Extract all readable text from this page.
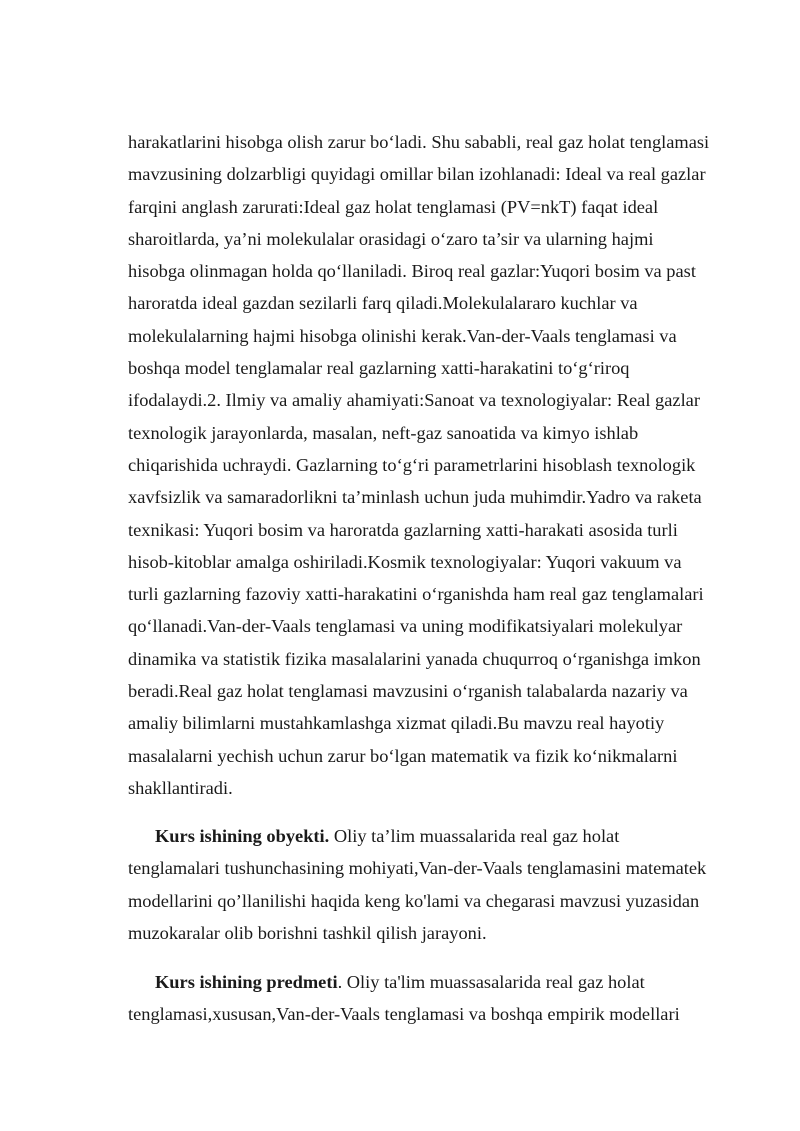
harakatlarini hisobga olish zarur bo‘ladi. Shu sababli, real gaz holat tenglamasi
mavzusining dolzarbligi quyidagi omillar bilan izohlanadi: Ideal va real gazlar
farqini anglash zarurati:Ideal gaz holat tenglamasi (PV=nkT) faqat ideal
sharoitlarda, ya’ni molekulalar orasidagi o‘zaro ta’sir va ularning hajmi
hisobga olinmagan holda qo‘llaniladi. Biroq real gazlar:Yuqori bosim va past
haroratda ideal gazdan sezilarli farq qiladi.Molekulalararo kuchlar va
molekulalarning hajmi hisobga olinishi kerak.Van-der-Vaals tenglamasi va
boshqa model tenglamalar real gazlarning xatti-harakatini to‘g‘riroq
ifodalaydi.2. Ilmiy va amaliy ahamiyati:Sanoat va texnologiyalar: Real gazlar
texnologik jarayonlarda, masalan, neft-gaz sanoatida va kimyo ishlab
chiqarishida uchraydi. Gazlarning to‘g‘ri parametrlarini hisoblash texnologik
xavfsizlik va samaradorlikni ta’minlash uchun juda muhimdir.Yadro va raketa
texnikasi: Yuqori bosim va haroratda gazlarning xatti-harakati asosida turli
hisob-kitoblar amalga oshiriladi.Kosmik texnologiyalar: Yuqori vakuum va
turli gazlarning fazoviy xatti-harakatini o‘rganishda ham real gaz tenglamalari
qo‘llanadi.Van-der-Vaals tenglamasi va uning modifikatsiyalari molekulyar
dinamika va statistik fizika masalalarini yanada chuqurroq o‘rganishga imkon
beradi.Real gaz holat tenglamasi mavzusini o‘rganish talabalarda nazariy va
amaliy bilimlarni mustahkamlashga xizmat qiladi.Bu mavzu real hayotiy
masalalarni yechish uchun zarur bo‘lgan matematik va fizik ko‘nikmalarni
shakllantiradi.
Kurs ishining obyekti. Oliy ta’lim muassalarida real gaz holat
tenglamalari tushunchasining mohiyati,Van-der-Vaals tenglamasini matematek
modellarini qo’llanilishi haqida keng ko'lami va chegarasi mavzusi yuzasidan
muzokaralar olib borishni tashkil qilish jarayoni.
Kurs ishining predmeti. Oliy ta'lim muassasalarida real gaz holat
tenglamasi,xususan,Van-der-Vaals tenglamasi va boshqa empirik modellari
